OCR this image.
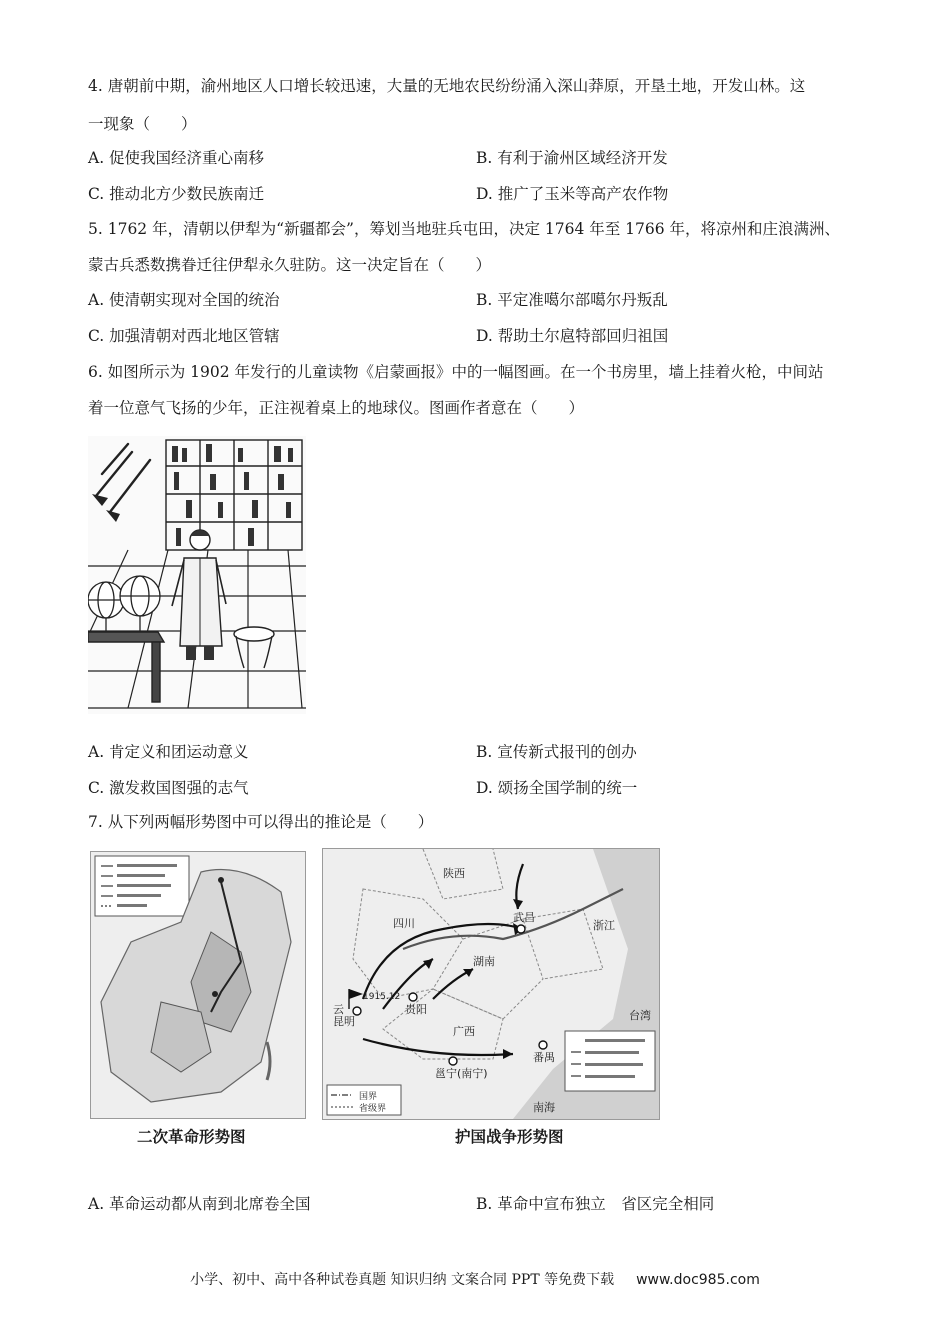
4. 唐朝前中期，渝州地区人口增长较迅速，大量的无地农民纷纷涌入深山莽原，开垦土地，开发山林。这
一现象（　　）
A. 促使我国经济重心南移	B. 有利于渝州区域经济开发
C. 推动北方少数民族南迁	D. 推广了玉米等高产农作物
5. 1762 年，清朝以伊犁为“新疆都会”，筹划当地驻兵屯田，决定 1764 年至 1766 年，将凉州和庄浪满洲、
蒙古兵悉数携眷迁往伊犁永久驻防。这一决定旨在（　　）
A. 使清朝实现对全国的统治	B. 平定准噶尔部噶尔丹叛乱
C. 加强清朝对西北地区管辖	D. 帮助土尔扈特部回归祖国
6. 如图所示为 1902 年发行的儿童读物《启蒙画报》中的一幅图画。在一个书房里，墙上挂着火枪，中间站
着一位意气飞扬的少年，正注视着桌上的地球仪。图画作者意在（　　）
A. 肯定义和团运动意义	B. 宣传新式报刊的创办
C. 激发救国图强的志气	D. 颂扬全国学制的统一
7. 从下列两幅形势图中可以得出的推论是（　　）
二次革命形势图
陕西
四川	武昌
贵阳
昆明
云
湖南
广西
邕宁(南宁)
番禺
浙江
台湾
南海
1915.12
国界
省级界
护国战争形势图
A. 革命运动都从南到北席卷全国	B. 革命中宣布独立　省区完全相同
小学、初中、高中各种试卷真题 知识归纳 文案合同 PPT 等免费下载 www.doc985.com
